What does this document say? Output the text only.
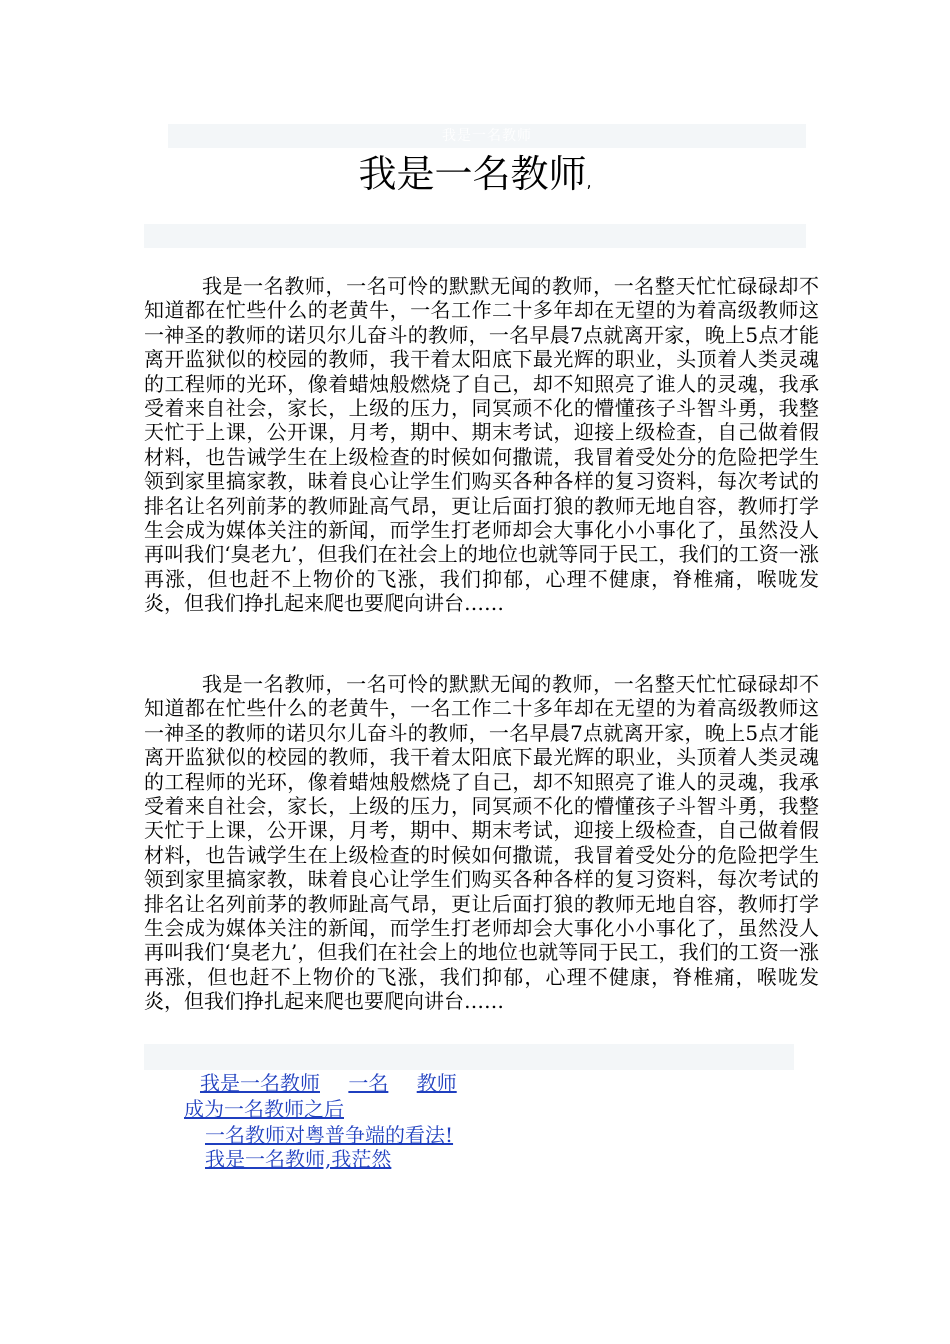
我是一名教师
我是一名教师,

我是一名教师，一名可怜的默默无闻的教师，一名整天忙忙碌碌却不知道都在忙些什么的老黄牛，一名工作二十多年却在无望的为着高级教师这一神圣的教师的诺贝尔儿奋斗的教师，一名早晨7点就离开家，晚上5点才能离开监狱似的校园的教师，我干着太阳底下最光辉的职业，头顶着人类灵魂的工程师的光环，像着蜡烛般燃烧了自己，却不知照亮了谁人的灵魂，我承受着来自社会，家长，上级的压力，同冥顽不化的懵懂孩子斗智斗勇，我整天忙于上课，公开课，月考，期中、期末考试，迎接上级检查，自己做着假材料，也告诫学生在上级检查的时候如何撒谎，我冒着受处分的危险把学生领到家里搞家教，昧着良心让学生们购买各种各样的复习资料，每次考试的排名让名列前茅的教师趾高气昂，更让后面打狼的教师无地自容，教师打学生会成为媒体关注的新闻，而学生打老师却会大事化小小事化了，虽然没人再叫我们‘臭老九’，但我们在社会上的地位也就等同于民工，我们的工资一涨再涨，但也赶不上物价的飞涨，我们抑郁，心理不健康，脊椎痛，喉咙发炎，但我们挣扎起来爬也要爬向讲台……

我是一名教师，一名可怜的默默无闻的教师，一名整天忙忙碌碌却不知道都在忙些什么的老黄牛，一名工作二十多年却在无望的为着高级教师这一神圣的教师的诺贝尔儿奋斗的教师，一名早晨7点就离开家，晚上5点才能离开监狱似的校园的教师，我干着太阳底下最光辉的职业，头顶着人类灵魂的工程师的光环，像着蜡烛般燃烧了自己，却不知照亮了谁人的灵魂，我承受着来自社会，家长，上级的压力，同冥顽不化的懵懂孩子斗智斗勇，我整天忙于上课，公开课，月考，期中、期末考试，迎接上级检查，自己做着假材料，也告诫学生在上级检查的时候如何撒谎，我冒着受处分的危险把学生领到家里搞家教，昧着良心让学生们购买各种各样的复习资料，每次考试的排名让名列前茅的教师趾高气昂，更让后面打狼的教师无地自容，教师打学生会成为媒体关注的新闻，而学生打老师却会大事化小小事化了，虽然没人再叫我们‘臭老九’，但我们在社会上的地位也就等同于民工，我们的工资一涨再涨，但也赶不上物价的飞涨，我们抑郁，心理不健康，脊椎痛，喉咙发炎，但我们挣扎起来爬也要爬向讲台……

我是一名教师 一名 教师
成为一名教师之后
一名教师对粤普争端的看法!
我是一名教师,我茫然
